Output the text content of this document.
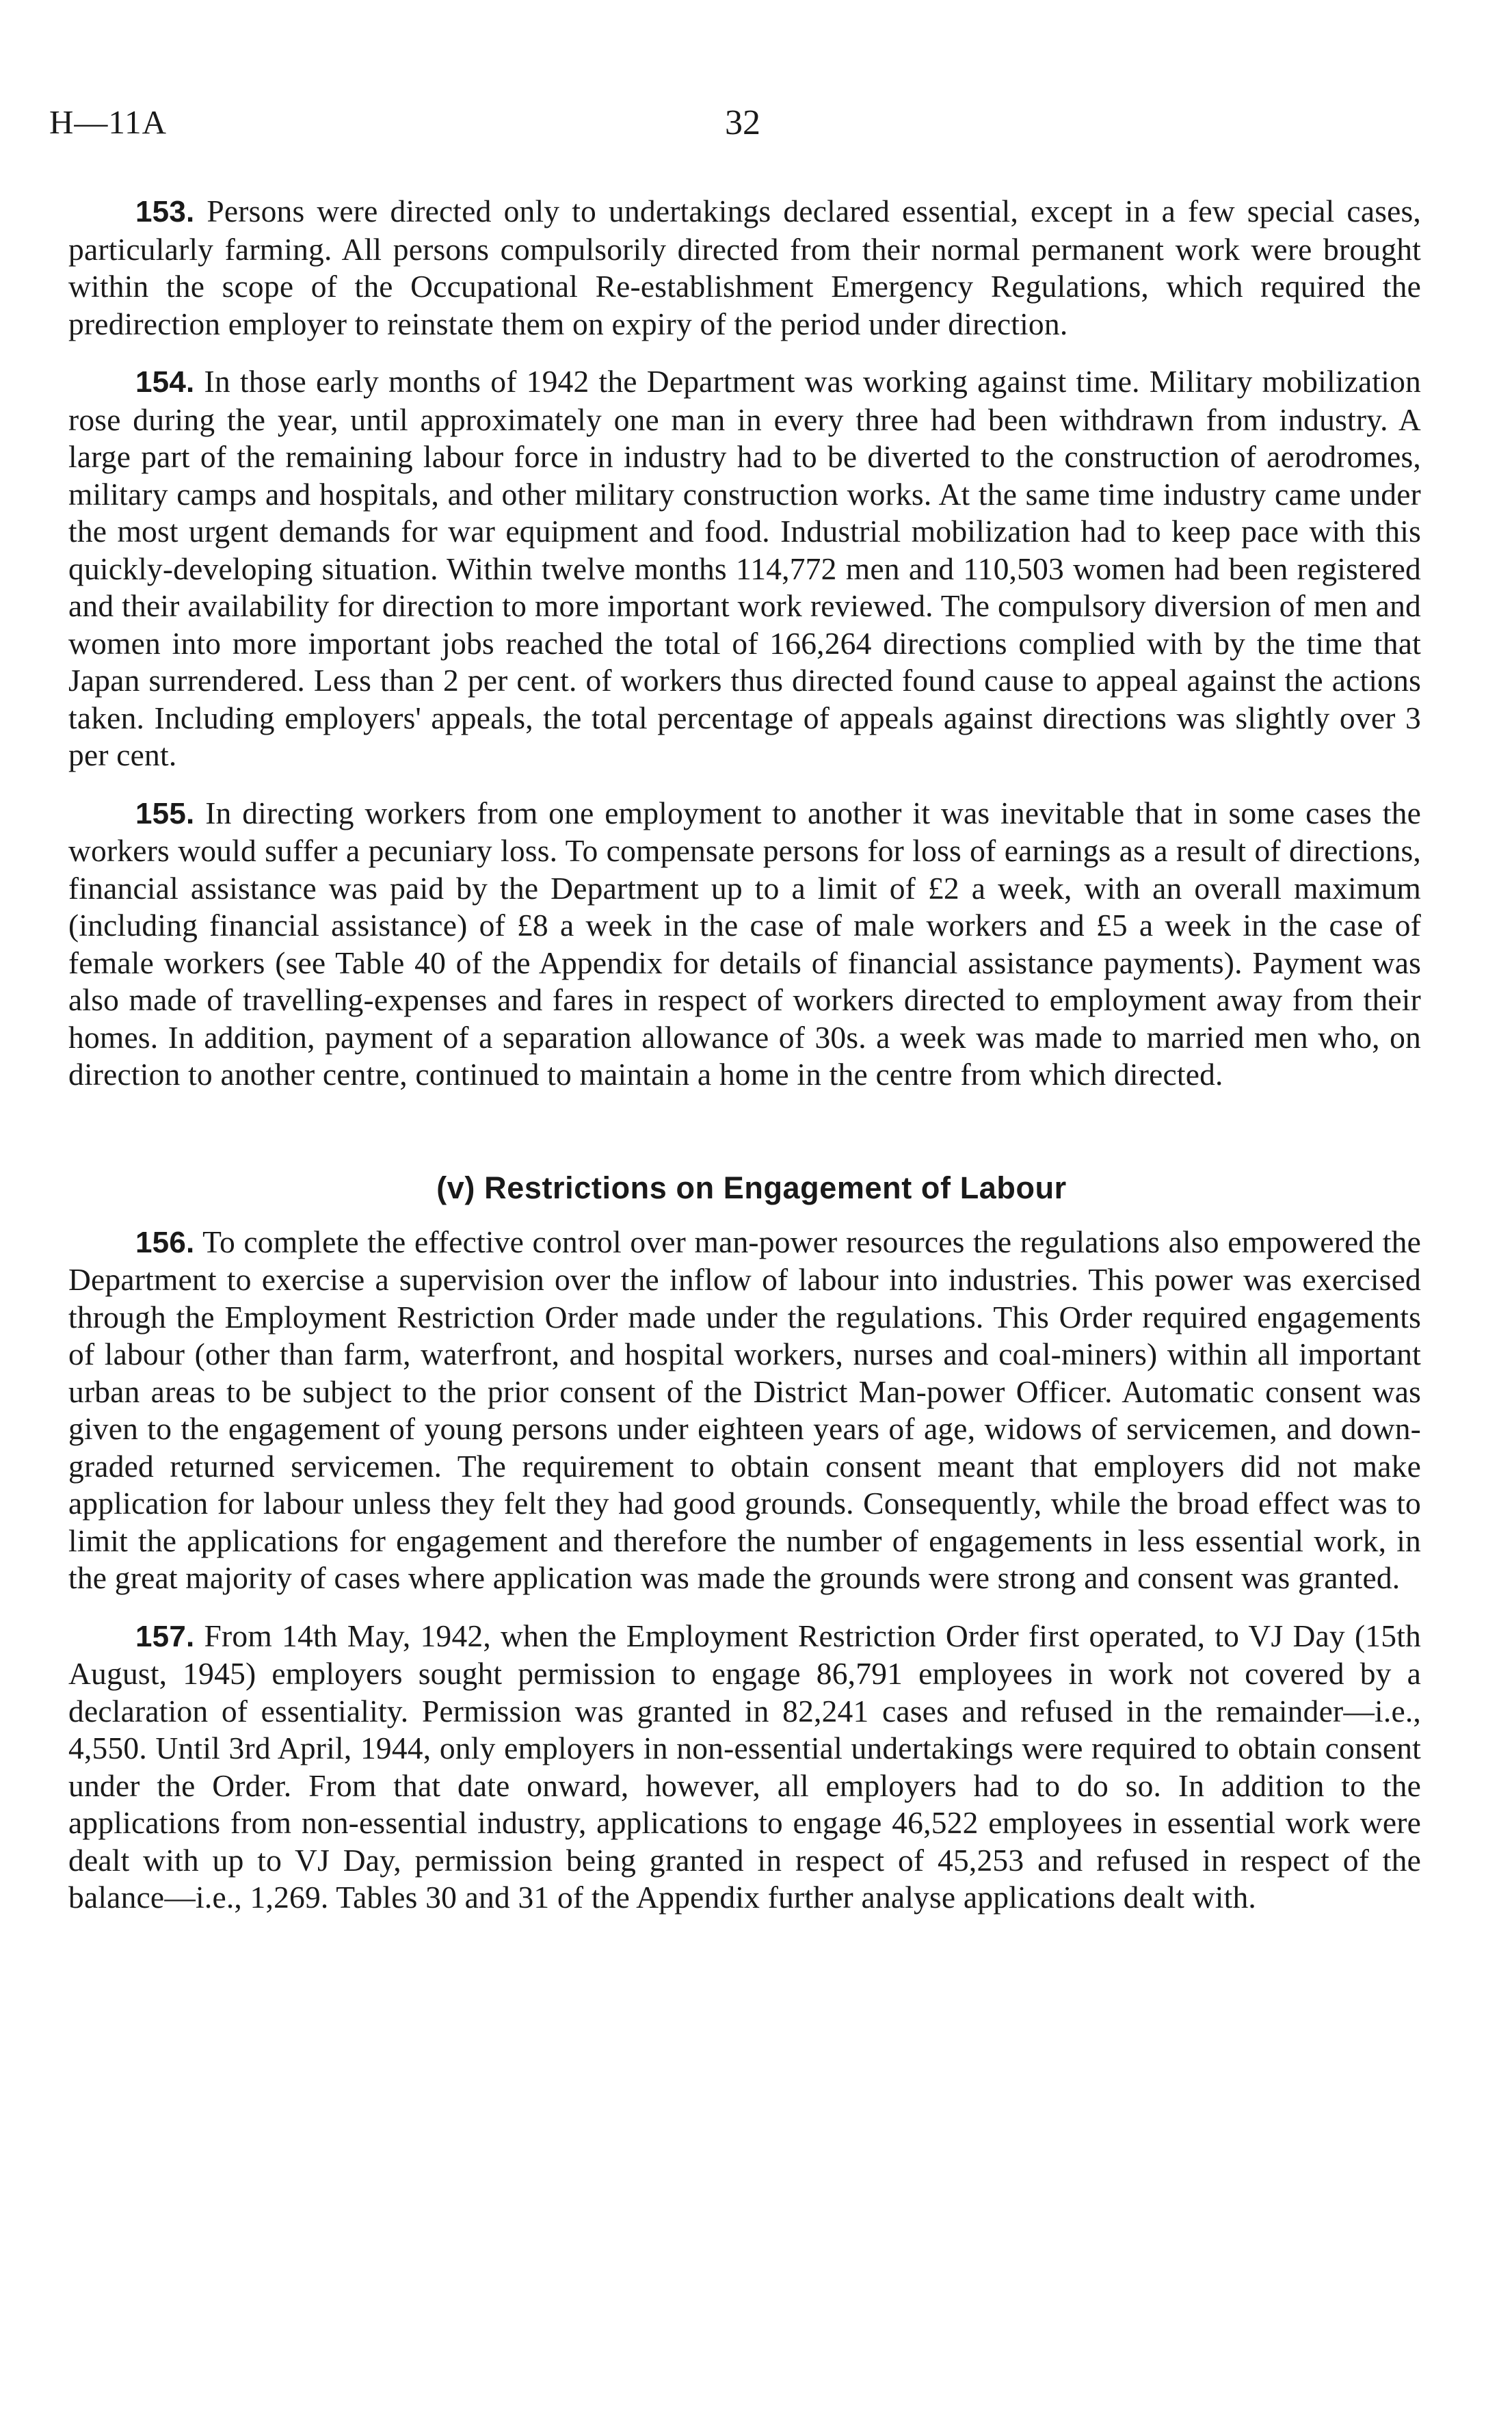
H—11A	32

153. Persons were directed only to undertakings declared essential, except in a few special cases, particularly farming. All persons compulsorily directed from their normal permanent work were brought within the scope of the Occupational Re-establishment Emergency Regulations, which required the predirection employer to reinstate them on expiry of the period under direction.

154. In those early months of 1942 the Department was working against time. Military mobilization rose during the year, until approximately one man in every three had been withdrawn from industry. A large part of the remaining labour force in industry had to be diverted to the construction of aerodromes, military camps and hospitals, and other military construction works. At the same time industry came under the most urgent demands for war equipment and food. Industrial mobilization had to keep pace with this quickly-developing situation. Within twelve months 114,772 men and 110,503 women had been registered and their availability for direction to more important work reviewed. The compulsory diversion of men and women into more important jobs reached the total of 166,264 directions complied with by the time that Japan surrendered. Less than 2 per cent. of workers thus directed found cause to appeal against the actions taken. Including employers' appeals, the total percentage of appeals against directions was slightly over 3 per cent.

155. In directing workers from one employment to another it was inevitable that in some cases the workers would suffer a pecuniary loss. To compensate persons for loss of earnings as a result of directions, financial assistance was paid by the Department up to a limit of £2 a week, with an overall maximum (including financial assistance) of £8 a week in the case of male workers and £5 a week in the case of female workers (see Table 40 of the Appendix for details of financial assistance payments). Payment was also made of travelling-expenses and fares in respect of workers directed to employment away from their homes. In addition, payment of a separation allowance of 30s. a week was made to married men who, on direction to another centre, continued to maintain a home in the centre from which directed.

(v) Restrictions on Engagement of Labour

156. To complete the effective control over man-power resources the regulations also empowered the Department to exercise a supervision over the inflow of labour into industries. This power was exercised through the Employment Restriction Order made under the regulations. This Order required engagements of labour (other than farm, waterfront, and hospital workers, nurses and coal-miners) within all important urban areas to be subject to the prior consent of the District Man-power Officer. Automatic consent was given to the engagement of young persons under eighteen years of age, widows of servicemen, and down-graded returned servicemen. The requirement to obtain consent meant that employers did not make application for labour unless they felt they had good grounds. Consequently, while the broad effect was to limit the applications for engagement and therefore the number of engagements in less essential work, in the great majority of cases where application was made the grounds were strong and consent was granted.

157. From 14th May, 1942, when the Employment Restriction Order first operated, to VJ Day (15th August, 1945) employers sought permission to engage 86,791 employees in work not covered by a declaration of essentiality. Permission was granted in 82,241 cases and refused in the remainder—i.e., 4,550. Until 3rd April, 1944, only employers in non-essential undertakings were required to obtain consent under the Order. From that date onward, however, all employers had to do so. In addition to the applications from non-essential industry, applications to engage 46,522 employees in essential work were dealt with up to VJ Day, permission being granted in respect of 45,253 and refused in respect of the balance—i.e., 1,269. Tables 30 and 31 of the Appendix further analyse applications dealt with.
